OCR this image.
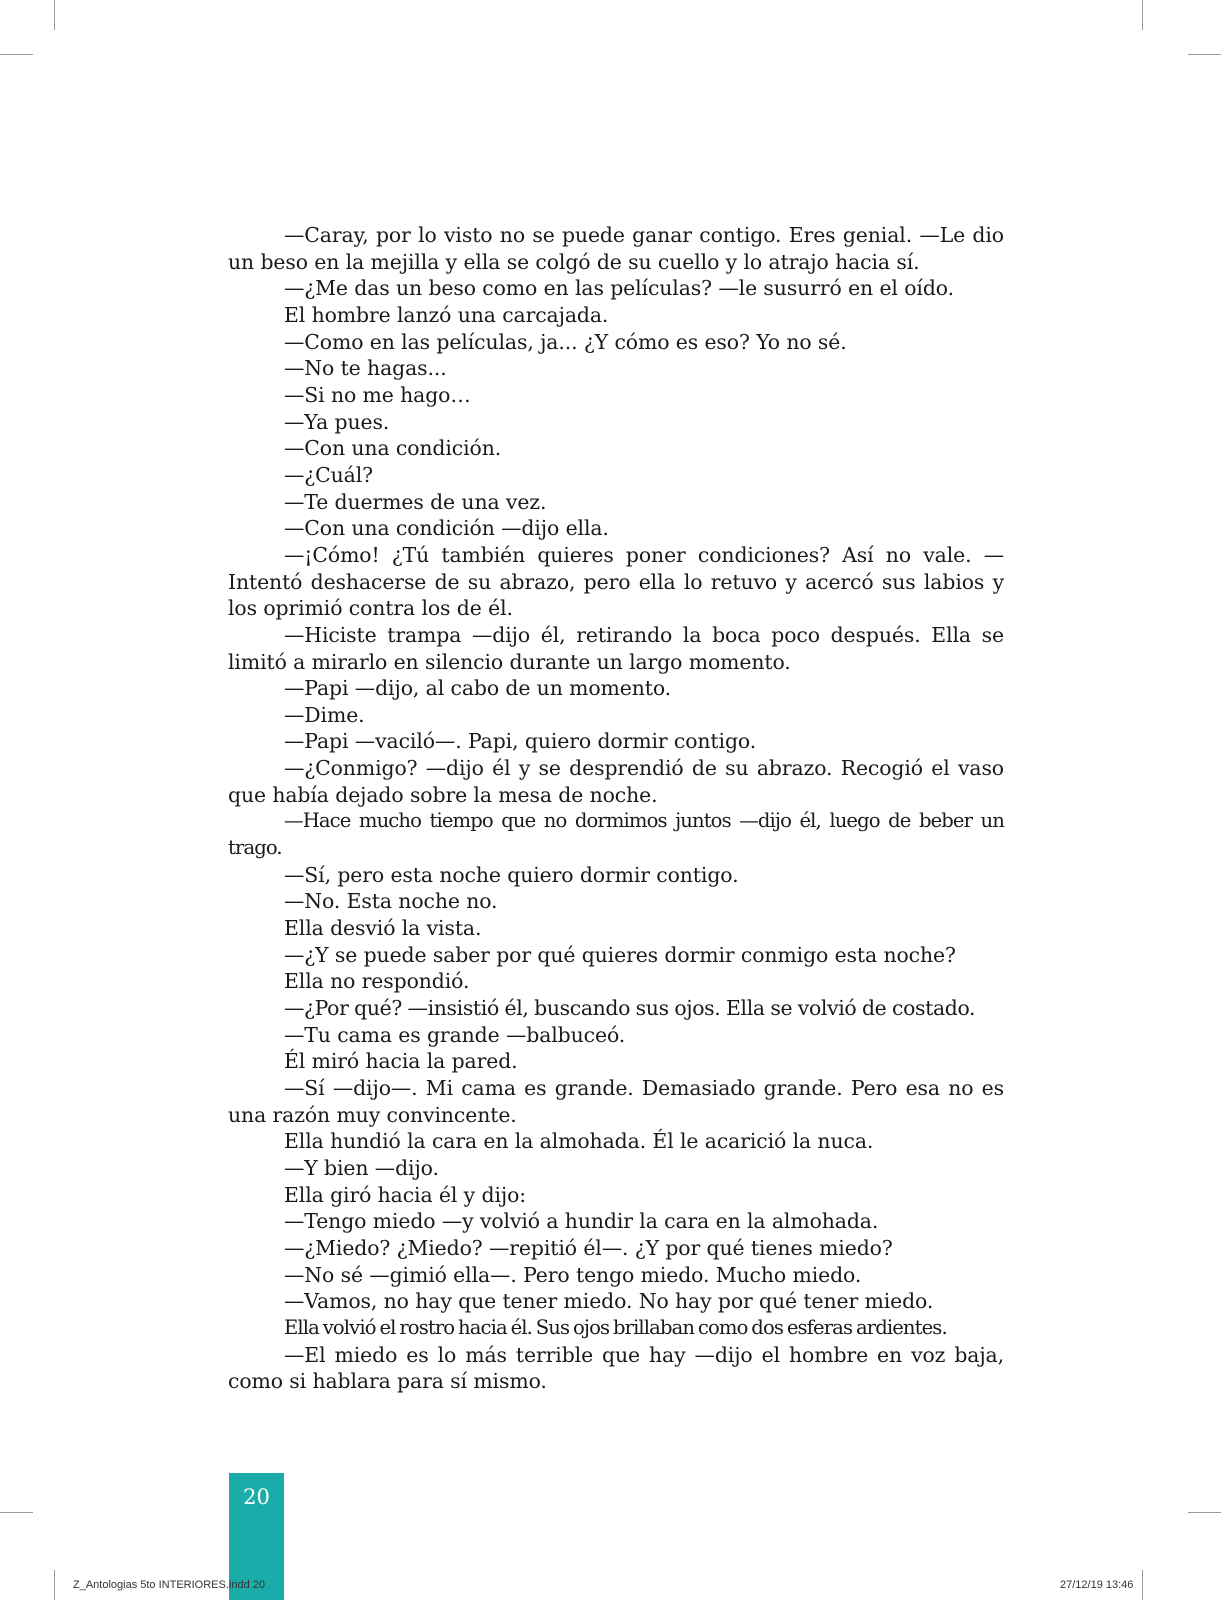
—Caray, por lo visto no se puede ganar contigo. Eres genial. —Le dio un beso en la mejilla y ella se colgó de su cuello y lo atrajo hacia sí.

—¿Me das un beso como en las películas? —le susurró en el oído.

El hombre lanzó una carcajada.

—Como en las películas, ja... ¿Y cómo es eso? Yo no sé.

—No te hagas...

—Si no me hago…

—Ya pues.

—Con una condición.

—¿Cuál?

—Te duermes de una vez.

—Con una condición —dijo ella.

—¡Cómo! ¿Tú también quieres poner condiciones? Así no vale. —Intentó deshacerse de su abrazo, pero ella lo retuvo y acercó sus labios y los oprimió contra los de él.

—Hiciste trampa —dijo él, retirando la boca poco después. Ella se limitó a mirarlo en silencio durante un largo momento.

—Papi —dijo, al cabo de un momento.

—Dime.

—Papi —vaciló—. Papi, quiero dormir contigo.

—¿Conmigo? —dijo él y se desprendió de su abrazo. Recogió el vaso que había dejado sobre la mesa de noche.

—Hace mucho tiempo que no dormimos juntos —dijo él, luego de beber un trago.

—Sí, pero esta noche quiero dormir contigo.

—No. Esta noche no.

Ella desvió la vista.

—¿Y se puede saber por qué quieres dormir conmigo esta noche?

Ella no respondió.

—¿Por qué? —insistió él, buscando sus ojos. Ella se volvió de costado.

—Tu cama es grande —balbuceó.

Él miró hacia la pared.

—Sí —dijo—. Mi cama es grande. Demasiado grande. Pero esa no es una razón muy convincente.

Ella hundió la cara en la almohada. Él le acarició la nuca.

—Y bien —dijo.

Ella giró hacia él y dijo:

—Tengo miedo —y volvió a hundir la cara en la almohada.

—¿Miedo? ¿Miedo? —repitió él—. ¿Y por qué tienes miedo?

—No sé —gimió ella—. Pero tengo miedo. Mucho miedo.

—Vamos, no hay que tener miedo. No hay por qué tener miedo.

Ella volvió el rostro hacia él. Sus ojos brillaban como dos esferas ardientes.

—El miedo es lo más terrible que hay —dijo el hombre en voz baja, como si hablara para sí mismo.

20
Z_Antologias 5to INTERIORES.indd 20	27/12/19 13:46
